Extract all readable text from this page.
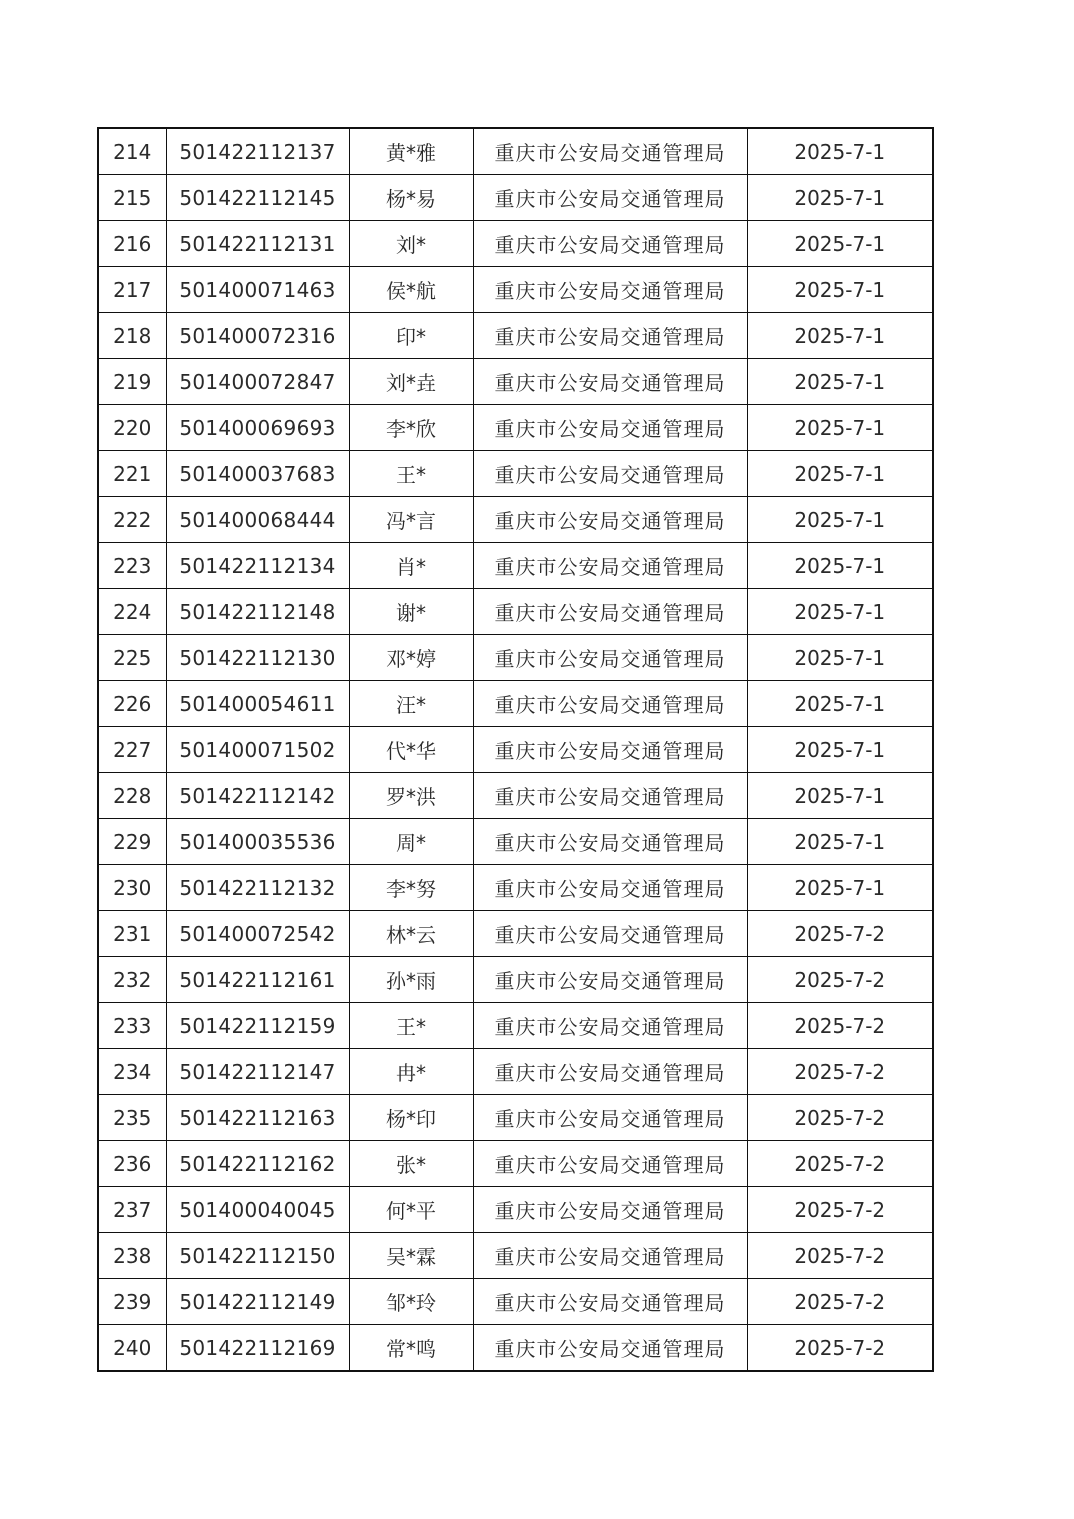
214	501422112137	黄*雅	重庆市公安局交通管理局	2025-7-1
215	501422112145	杨*易	重庆市公安局交通管理局	2025-7-1
216	501422112131	刘*	重庆市公安局交通管理局	2025-7-1
217	501400071463	侯*航	重庆市公安局交通管理局	2025-7-1
218	501400072316	印*	重庆市公安局交通管理局	2025-7-1
219	501400072847	刘*垚	重庆市公安局交通管理局	2025-7-1
220	501400069693	李*欣	重庆市公安局交通管理局	2025-7-1
221	501400037683	王*	重庆市公安局交通管理局	2025-7-1
222	501400068444	冯*言	重庆市公安局交通管理局	2025-7-1
223	501422112134	肖*	重庆市公安局交通管理局	2025-7-1
224	501422112148	谢*	重庆市公安局交通管理局	2025-7-1
225	501422112130	邓*婷	重庆市公安局交通管理局	2025-7-1
226	501400054611	汪*	重庆市公安局交通管理局	2025-7-1
227	501400071502	代*华	重庆市公安局交通管理局	2025-7-1
228	501422112142	罗*洪	重庆市公安局交通管理局	2025-7-1
229	501400035536	周*	重庆市公安局交通管理局	2025-7-1
230	501422112132	李*努	重庆市公安局交通管理局	2025-7-1
231	501400072542	林*云	重庆市公安局交通管理局	2025-7-2
232	501422112161	孙*雨	重庆市公安局交通管理局	2025-7-2
233	501422112159	王*	重庆市公安局交通管理局	2025-7-2
234	501422112147	冉*	重庆市公安局交通管理局	2025-7-2
235	501422112163	杨*印	重庆市公安局交通管理局	2025-7-2
236	501422112162	张*	重庆市公安局交通管理局	2025-7-2
237	501400040045	何*平	重庆市公安局交通管理局	2025-7-2
238	501422112150	吴*霖	重庆市公安局交通管理局	2025-7-2
239	501422112149	邹*玲	重庆市公安局交通管理局	2025-7-2
240	501422112169	常*鸣	重庆市公安局交通管理局	2025-7-2
